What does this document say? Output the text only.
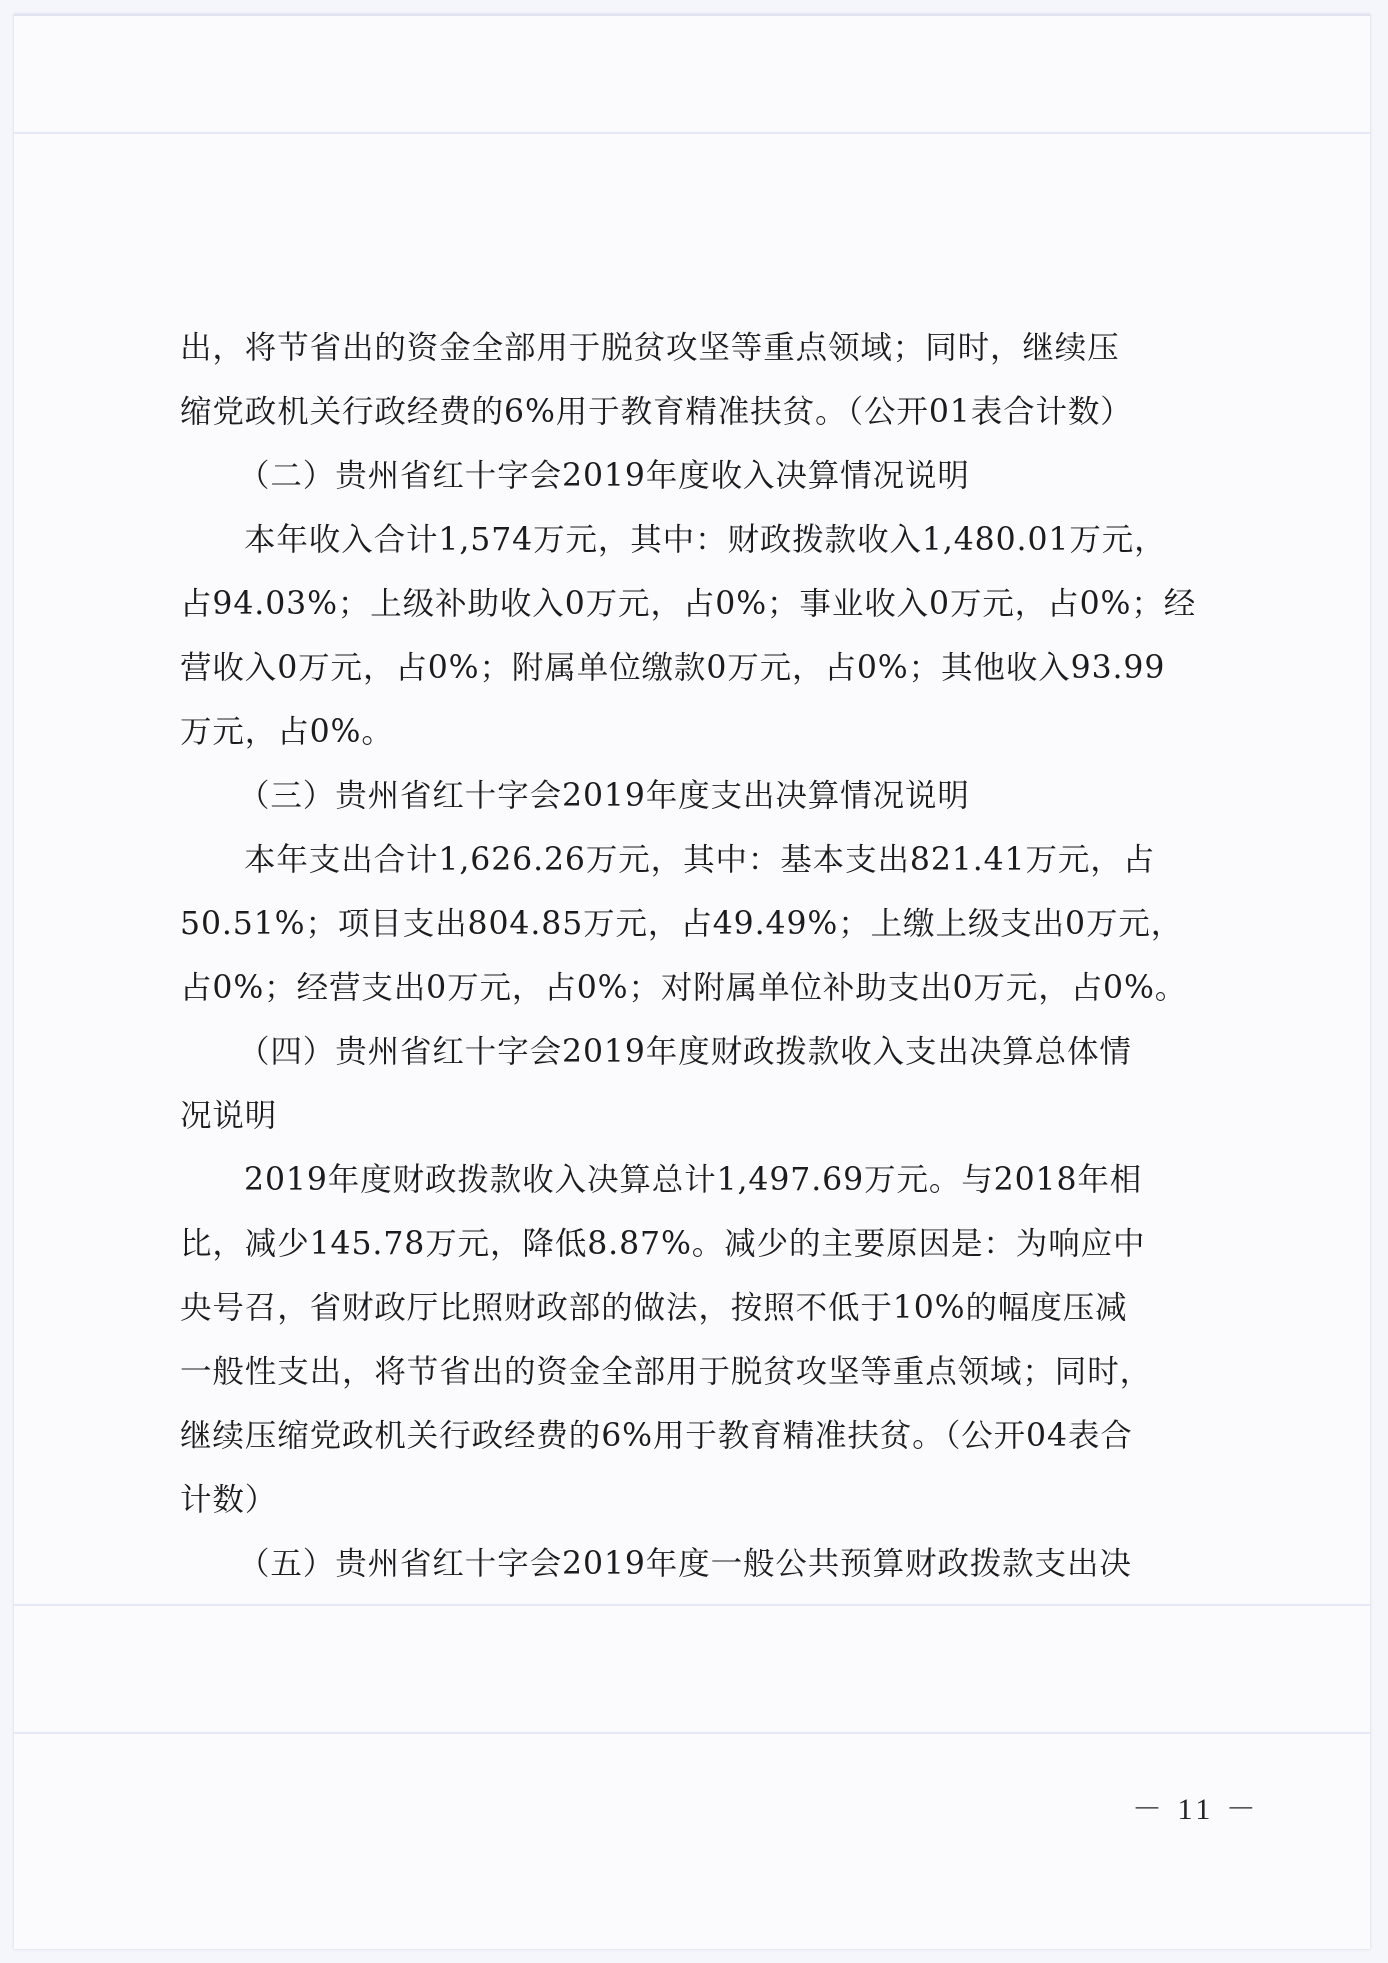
出，将节省出的资金全部用于脱贫攻坚等重点领域；同时，继续压
缩党政机关行政经费的6%用于教育精准扶贫。（公开01表合计数）
（二）贵州省红十字会2019年度收入决算情况说明
本年收入合计1,574万元，其中：财政拨款收入1,480.01万元，
占94.03%；上级补助收入0万元，占0%；事业收入0万元，占0%；经
营收入0万元，占0%；附属单位缴款0万元，占0%；其他收入93.99
万元，占0%。
（三）贵州省红十字会2019年度支出决算情况说明
本年支出合计1,626.26万元，其中：基本支出821.41万元，占
50.51%；项目支出804.85万元，占49.49%；上缴上级支出0万元，
占0%；经营支出0万元，占0%；对附属单位补助支出0万元，占0%。
（四）贵州省红十字会2019年度财政拨款收入支出决算总体情
况说明
2019年度财政拨款收入决算总计1,497.69万元。与2018年相
比，减少145.78万元，降低8.87%。减少的主要原因是：为响应中
央号召，省财政厅比照财政部的做法，按照不低于10%的幅度压减
一般性支出，将节省出的资金全部用于脱贫攻坚等重点领域；同时，
继续压缩党政机关行政经费的6%用于教育精准扶贫。（公开04表合
计数）
（五）贵州省红十字会2019年度一般公共预算财政拨款支出决
－ 11 －
